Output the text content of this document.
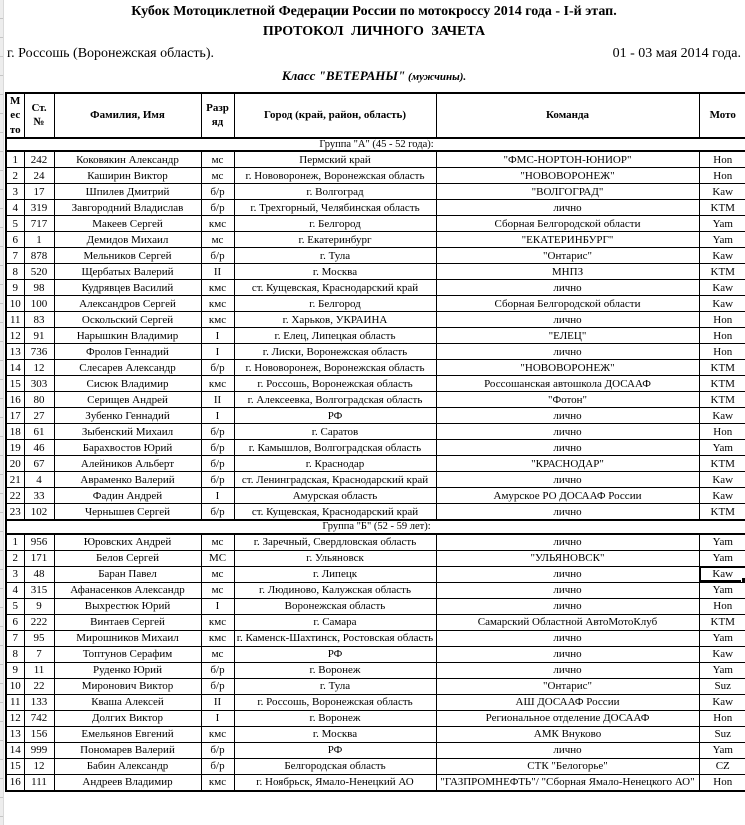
Кубок Мотоциклетной Федерации России по мотокроссу 2014 года - I-й этап.
ПРОТОКОЛ ЛИЧНОГО ЗАЧЕТА
г. Россошь (Воронежская область).	01 - 03 мая 2014 года.
Класс "ВЕТЕРАНЫ" (мужчины).
Место	Ст.№	Фамилия, Имя	Разряд	Город (край, район, область)	Команда	Мото
Группа "А" (45 - 52 года):						
1	242	Коковякин Александр	мс	Пермский край	"ФМС-НОРТОН-ЮНИОР"	Hon
2	24	Каширин Виктор	мс	г. Нововоронеж, Воронежская область	"НОВОВОРОНЕЖ"	Hon
3	17	Шпилев Дмитрий	б/р	г. Волгоград	"ВОЛГОГРАД"	Kaw
4	319	Завгородний Владислав	б/р	г. Трехгорный, Челябинская область	лично	KTM
5	717	Макеев Сергей	кмс	г. Белгород	Сборная Белгородской области	Yam
6	1	Демидов Михаил	мс	г. Екатеринбург	"ЕКАТЕРИНБУРГ"	Yam
7	878	Мельников Сергей	б/р	г. Тула	"Онтарис"	Kaw
8	520	Щербатых Валерий	II	г. Москва	МНПЗ	KTM
9	98	Кудрявцев Василий	кмс	ст. Кущевская, Краснодарский край	лично	Kaw
10	100	Александров Сергей	кмс	г. Белгород	Сборная Белгородской области	Kaw
11	83	Оскольский Сергей	кмс	г. Харьков, УКРАИНА	лично	Hon
12	91	Нарышкин Владимир	I	г. Елец, Липецкая область	"ЕЛЕЦ"	Hon
13	736	Фролов Геннадий	I	г. Лиски, Воронежская область	лично	Hon
14	12	Слесарев Александр	б/р	г. Нововоронеж, Воронежская область	"НОВОВОРОНЕЖ"	KTM
15	303	Сисюк Владимир	кмс	г. Россошь, Воронежская область	Россошанская автошкола ДОСААФ	KTM
16	80	Серищев Андрей	II	г. Алексеевка, Волгоградская область	"Фотон"	KTM
17	27	Зубенко Геннадий	I	РФ	лично	Kaw
18	61	Зыбенский Михаил	б/р	г. Саратов	лично	Hon
19	46	Барахвостов Юрий	б/р	г. Камышлов, Волгоградская область	лично	Yam
20	67	Алейников Альберт	б/р	г. Краснодар	"КРАСНОДАР"	KTM
21	4	Авраменко Валерий	б/р	ст. Ленинградская, Краснодарский край	лично	Kaw
22	33	Фадин Андрей	I	Амурская область	Амурское РО ДОСААФ России	Kaw
23	102	Чернышев Сергей	б/р	ст. Кущевская, Краснодарский край	лично	KTM
Группа "Б" (52 - 59 лет):						
1	956	Юровских Андрей	мс	г. Заречный, Свердловская область	лично	Yam
2	171	Белов Сергей	МС	г. Ульяновск	"УЛЬЯНОВСК"	Yam
3	48	Баран Павел	мс	г. Липецк	лично	Kaw
4	315	Афанасенков Александр	мс	г. Людиново, Калужская область	лично	Yam
5	9	Выхрестюк Юрий	I	Воронежская область	лично	Hon
6	222	Винтаев Сергей	кмс	г. Самара	Самарский Областной АвтоМотоКлуб	KTM
7	95	Мирошников Михаил	кмс	г. Каменск-Шахтинск, Ростовская область	лично	Yam
8	7	Топтунов Серафим	мс	РФ	лично	Kaw
9	11	Руденко Юрий	б/р	г. Воронеж	лично	Yam
10	22	Миронович Виктор	б/р	г. Тула	"Онтарис"	Suz
11	133	Кваша Алексей	II	г. Россошь, Воронежская область	АШ ДОСААФ России	Kaw
12	742	Долгих Виктор	I	г. Воронеж	Региональное отделение ДОСААФ	Hon
13	156	Емельянов Евгений	кмс	г. Москва	АМК Внуково	Suz
14	999	Пономарев Валерий	б/р	РФ	лично	Yam
15	12	Бабин Александр	б/р	Белгородская область	СТК "Белогорье"	CZ
16	111	Андреев Владимир	кмс	г. Ноябрьск, Ямало-Ненецкий АО	"ГАЗПРОМНЕФТЬ"/ "Сборная Ямало-Ненецкого АО"	Hon
